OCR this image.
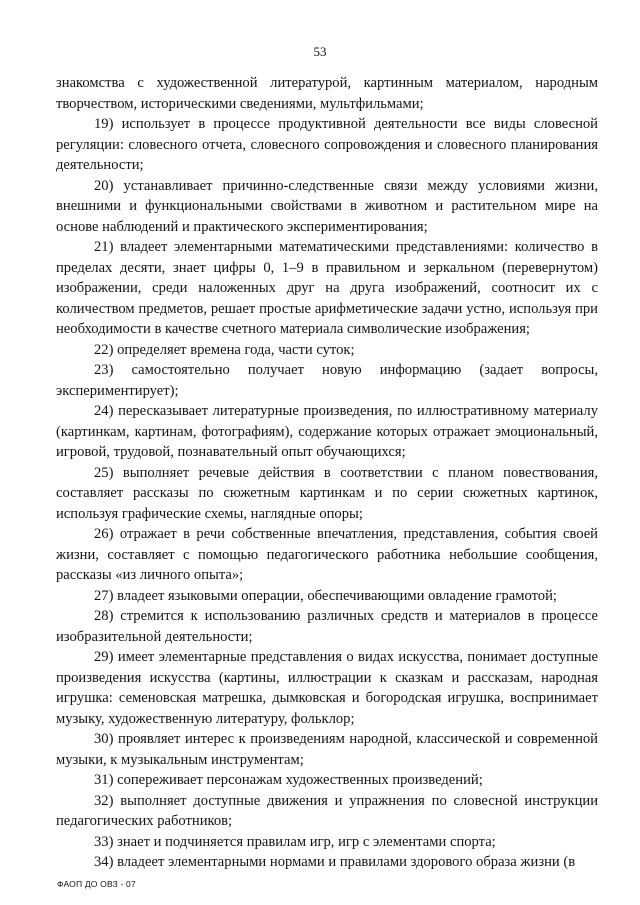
53

знакомства с художественной литературой, картинным материалом, народным творчеством, историческими сведениями, мультфильмами;

19) использует в процессе продуктивной деятельности все виды словесной регуляции: словесного отчета, словесного сопровождения и словесного планирования деятельности;

20) устанавливает причинно-следственные связи между условиями жизни, внешними и функциональными свойствами в животном и растительном мире на основе наблюдений и практического экспериментирования;

21) владеет элементарными математическими представлениями: количество в пределах десяти, знает цифры 0, 1–9 в правильном и зеркальном (перевернутом) изображении, среди наложенных друг на друга изображений, соотносит их с количеством предметов, решает простые арифметические задачи устно, используя при необходимости в качестве счетного материала символические изображения;

22) определяет времена года, части суток;

23) самостоятельно получает новую информацию (задает вопросы, экспериментирует);

24) пересказывает литературные произведения, по иллюстративному материалу (картинкам, картинам, фотографиям), содержание которых отражает эмоциональный, игровой, трудовой, познавательный опыт обучающихся;

25) выполняет речевые действия в соответствии с планом повествования, составляет рассказы по сюжетным картинкам и по серии сюжетных картинок, используя графические схемы, наглядные опоры;

26) отражает в речи собственные впечатления, представления, события своей жизни, составляет с помощью педагогического работника небольшие сообщения, рассказы «из личного опыта»;

27) владеет языковыми операции, обеспечивающими овладение грамотой;

28) стремится к использованию различных средств и материалов в процессе изобразительной деятельности;

29) имеет элементарные представления о видах искусства, понимает доступные произведения искусства (картины, иллюстрации к сказкам и рассказам, народная игрушка: семеновская матрешка, дымковская и богородская игрушка, воспринимает музыку, художественную литературу, фольклор;

30) проявляет интерес к произведениям народной, классической и современной музыки, к музыкальным инструментам;

31) сопереживает персонажам художественных произведений;

32) выполняет доступные движения и упражнения по словесной инструкции педагогических работников;

33) знает и подчиняется правилам игр, игр с элементами спорта;

34) владеет элементарными нормами и правилами здорового образа жизни (в

ФАОП ДО ОВЗ - 07
